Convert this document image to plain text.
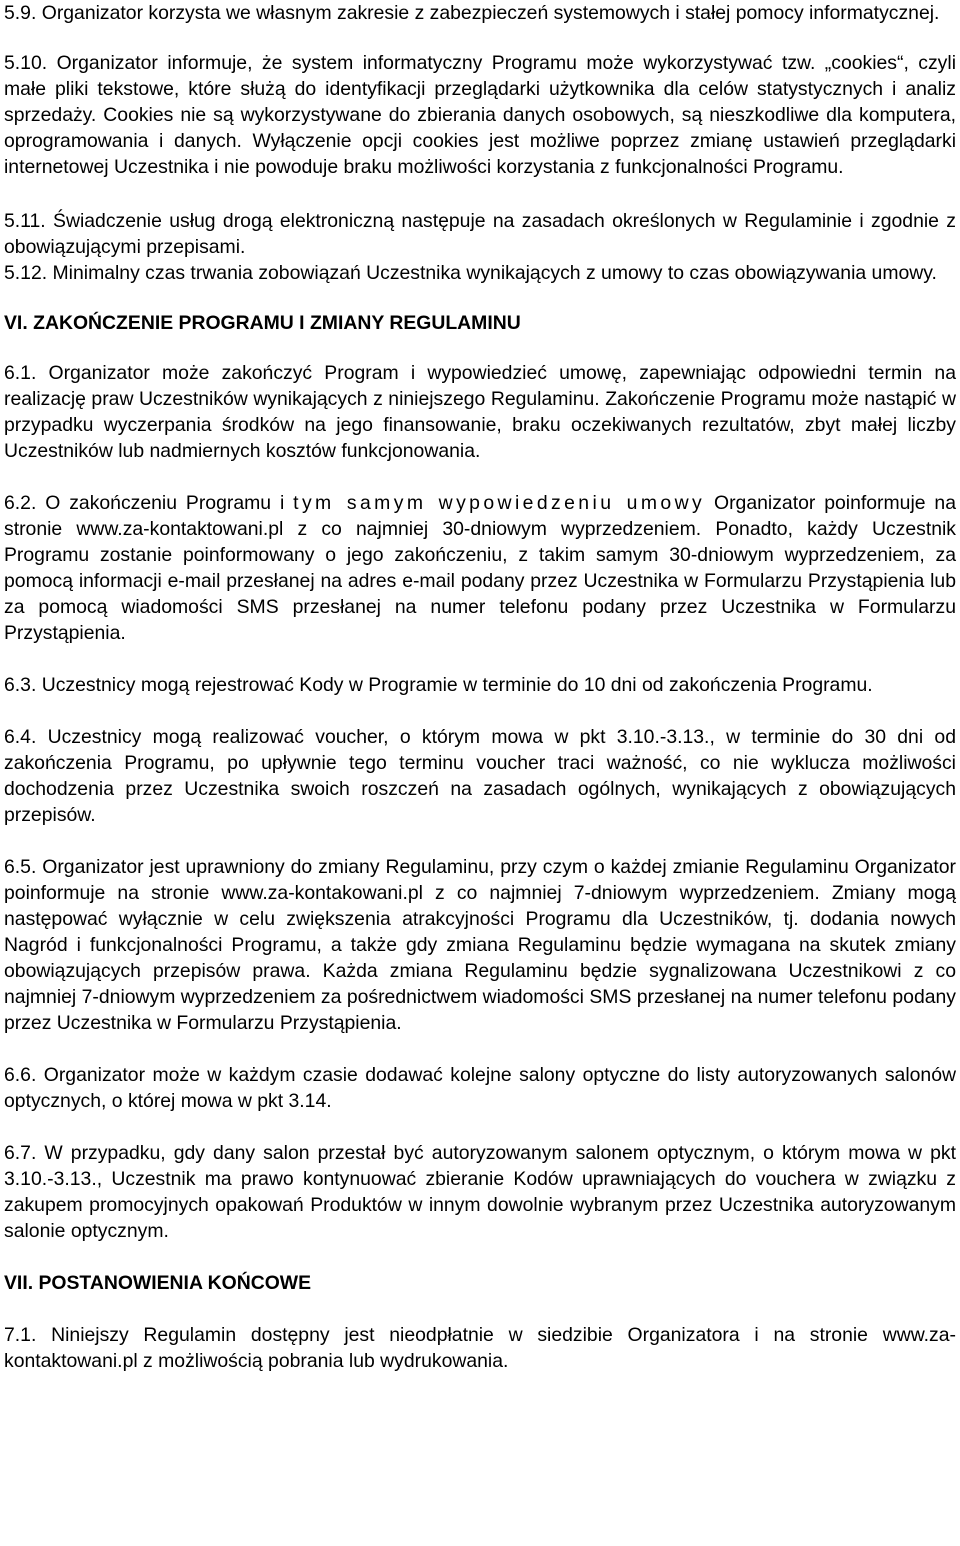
5.9. Organizator korzysta we własnym zakresie z zabezpieczeń systemowych i stałej pomocy informatycznej.

5.10. Organizator informuje, że system informatyczny Programu może wykorzystywać tzw. „cookies“, czyli małe pliki tekstowe, które służą do identyfikacji przeglądarki użytkownika dla celów statystycznych i analiz sprzedaży. Cookies nie są wykorzystywane do zbierania danych osobowych, są nieszkodliwe dla komputera, oprogramowania i danych. Wyłączenie opcji cookies jest możliwe poprzez zmianę ustawień przeglądarki internetowej Uczestnika i nie powoduje braku możliwości korzystania z funkcjonalności Programu.

5.11. Świadczenie usług drogą elektroniczną następuje na zasadach określonych w Regulaminie i zgodnie z obowiązującymi przepisami.

5.12. Minimalny czas trwania zobowiązań Uczestnika wynikających z umowy to czas obowiązywania umowy.

VI. ZAKOŃCZENIE PROGRAMU I ZMIANY REGULAMINU

6.1. Organizator może zakończyć Program i wypowiedzieć umowę, zapewniając odpowiedni termin na realizację praw Uczestników wynikających z niniejszego Regulaminu. Zakończenie Programu może nastąpić w przypadku wyczerpania środków na jego finansowanie, braku oczekiwanych rezultatów, zbyt małej liczby Uczestników lub nadmiernych kosztów funkcjonowania.

6.2. O zakończeniu Programu i tym samym wypowiedzeniu umowy Organizator poinformuje na stronie www.za-kontaktowani.pl z co najmniej 30-dniowym wyprzedzeniem. Ponadto, każdy Uczestnik Programu zostanie poinformowany o jego zakończeniu, z takim samym 30-dniowym wyprzedzeniem, za pomocą informacji e-mail przesłanej na adres e-mail podany przez Uczestnika w Formularzu Przystąpienia lub za pomocą wiadomości SMS przesłanej na numer telefonu podany przez Uczestnika w Formularzu Przystąpienia.

6.3. Uczestnicy mogą rejestrować Kody w Programie w terminie do 10 dni od zakończenia Programu.

6.4. Uczestnicy mogą realizować voucher, o którym mowa w pkt 3.10.-3.13., w terminie do 30 dni od zakończenia Programu, po upływnie tego terminu voucher traci ważność, co nie wyklucza możliwości dochodzenia przez Uczestnika swoich roszczeń na zasadach ogólnych, wynikających z obowiązujących przepisów.

6.5. Organizator jest uprawniony do zmiany Regulaminu, przy czym o każdej zmianie Regulaminu Organizator poinformuje na stronie www.za-kontakowani.pl z co najmniej 7-dniowym wyprzedzeniem. Zmiany mogą następować wyłącznie w celu zwiększenia atrakcyjności Programu dla Uczestników, tj. dodania nowych Nagród i funkcjonalności Programu, a także gdy zmiana Regulaminu będzie wymagana na skutek zmiany obowiązujących przepisów prawa. Każda zmiana Regulaminu będzie sygnalizowana Uczestnikowi z co najmniej 7-dniowym wyprzedzeniem za pośrednictwem wiadomości SMS przesłanej na numer telefonu podany przez Uczestnika w Formularzu Przystąpienia.

6.6. Organizator może w każdym czasie dodawać kolejne salony optyczne do listy autoryzowanych salonów optycznych, o której mowa w pkt 3.14.

6.7. W przypadku, gdy dany salon przestał być autoryzowanym salonem optycznym, o którym mowa w pkt 3.10.-3.13., Uczestnik ma prawo kontynuować zbieranie Kodów uprawniających do vouchera w związku z zakupem promocyjnych opakowań Produktów w innym dowolnie wybranym przez Uczestnika autoryzowanym salonie optycznym.

VII. POSTANOWIENIA KOŃCOWE

7.1. Niniejszy Regulamin dostępny jest nieodpłatnie w siedzibie Organizatora i na stronie www.za-kontaktowani.pl z możliwością pobrania lub wydrukowania.
